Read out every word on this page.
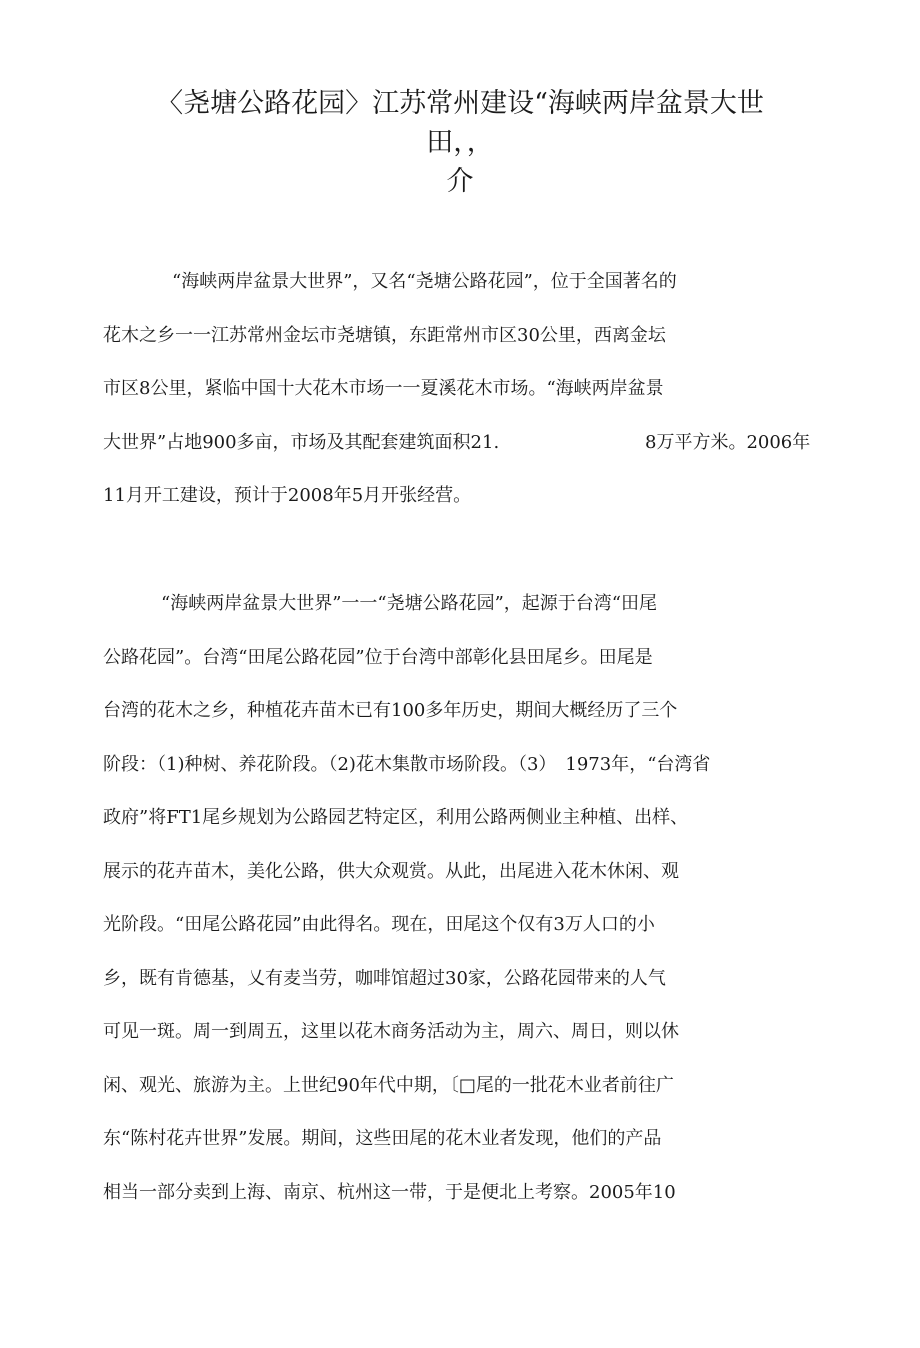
〈尧塘公路花园〉江苏常州建设“海峡两岸盆景大世
田，，
介
“海峡两岸盆景大世界”，又名“尧塘公路花园”，位于全国著名的
花木之乡一一江苏常州金坛市尧塘镇，东距常州市区30公里，西离金坛
市区8公里，紧临中国十大花木市场一一夏溪花木市场。“海峡两岸盆景
大世界”占地900多亩，市场及其配套建筑面积21.	8万平方米。2006年
11月开工建设，预计于2008年5月开张经营。
“海峡两岸盆景大世界”一一“尧塘公路花园”，起源于台湾“田尾
公路花园”。台湾“田尾公路花园”位于台湾中部彰化县田尾乡。田尾是
台湾的花木之乡，种植花卉苗木已有100多年历史，期间大概经历了三个
阶段：（1)种树、养花阶段。（2)花木集散市场阶段。（3）　1973年，“台湾省
政府”将FT1尾乡规划为公路园艺特定区，利用公路两侧业主种植、出样、
展示的花卉苗木，美化公路，供大众观赏。从此，出尾进入花木休闲、观
光阶段。“田尾公路花园”由此得名。现在，田尾这个仅有3万人口的小
乡，既有肯德基，乂有麦当劳，咖啡馆超过30家，公路花园带来的人气
可见一斑。周一到周五，这里以花木商务活动为主，周六、周日，则以休
闲、观光、旅游为主。上世纪90年代中期，〔□尾的一批花木业者前往广
东“陈村花卉世界”发展。期间，这些田尾的花木业者发现，他们的产品
相当一部分卖到上海、南京、杭州这一带，于是便北上考察。2005年10
